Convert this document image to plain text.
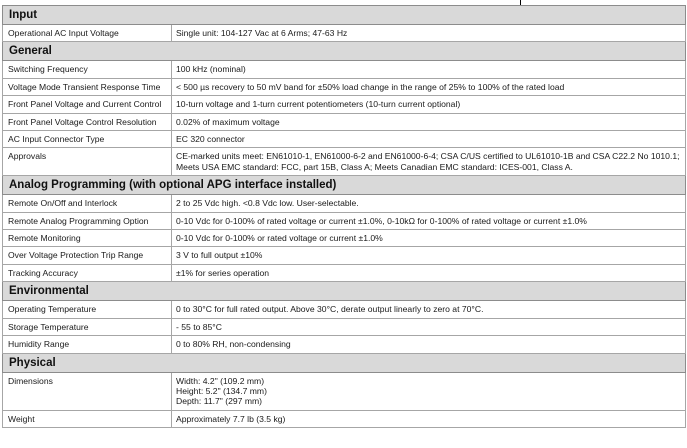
Input	
Operational AC Input Voltage	Single unit: 104-127 Vac at 6 Arms; 47-63 Hz

General	
Switching Frequency	100 kHz (nominal)

Voltage Mode Transient Response Time	< 500 µs recovery to 50 mV band for ±50% load change in the range of 25% to 100% of the rated load

Front Panel Voltage and Current Control	10-turn voltage and 1-turn current potentiometers (10-turn current optional)

Front Panel Voltage Control Resolution	0.02% of maximum voltage

AC Input Connector Type	EC 320 connector

Approvals	CE-marked units meet: EN61010-1, EN61000-6-2 and EN61000-6-4; CSA C/US certified to UL61010-1B and CSA C22.2 No 1010.1;
Meets USA EMC standard: FCC, part 15B, Class A; Meets Canadian EMC standard: ICES-001, Class A.

Analog Programming (with optional APG interface installed)	
Remote On/Off and Interlock	2 to 25 Vdc high. <0.8 Vdc low. User-selectable.

Remote Analog Programming Option	0-10 Vdc for 0-100% of rated voltage or current ±1.0%, 0-10kΩ for 0-100% of rated voltage or current ±1.0%

Remote Monitoring	0-10 Vdc for 0-100% or rated voltage or current ±1.0%

Over Voltage Protection Trip Range	3 V to full output ±10%

Tracking Accuracy	±1% for series operation

Environmental	
Operating Temperature	0 to 30°C for full rated output. Above 30°C, derate output linearly to zero at 70°C.

Storage Temperature	- 55 to 85°C

Humidity Range	0 to 80% RH, non-condensing

Physical	
Dimensions	Width: 4.2" (109.2 mm)
Height: 5.2" (134.7 mm)
Depth: 11.7" (297 mm)

Weight	Approximately 7.7 lb (3.5 kg)
